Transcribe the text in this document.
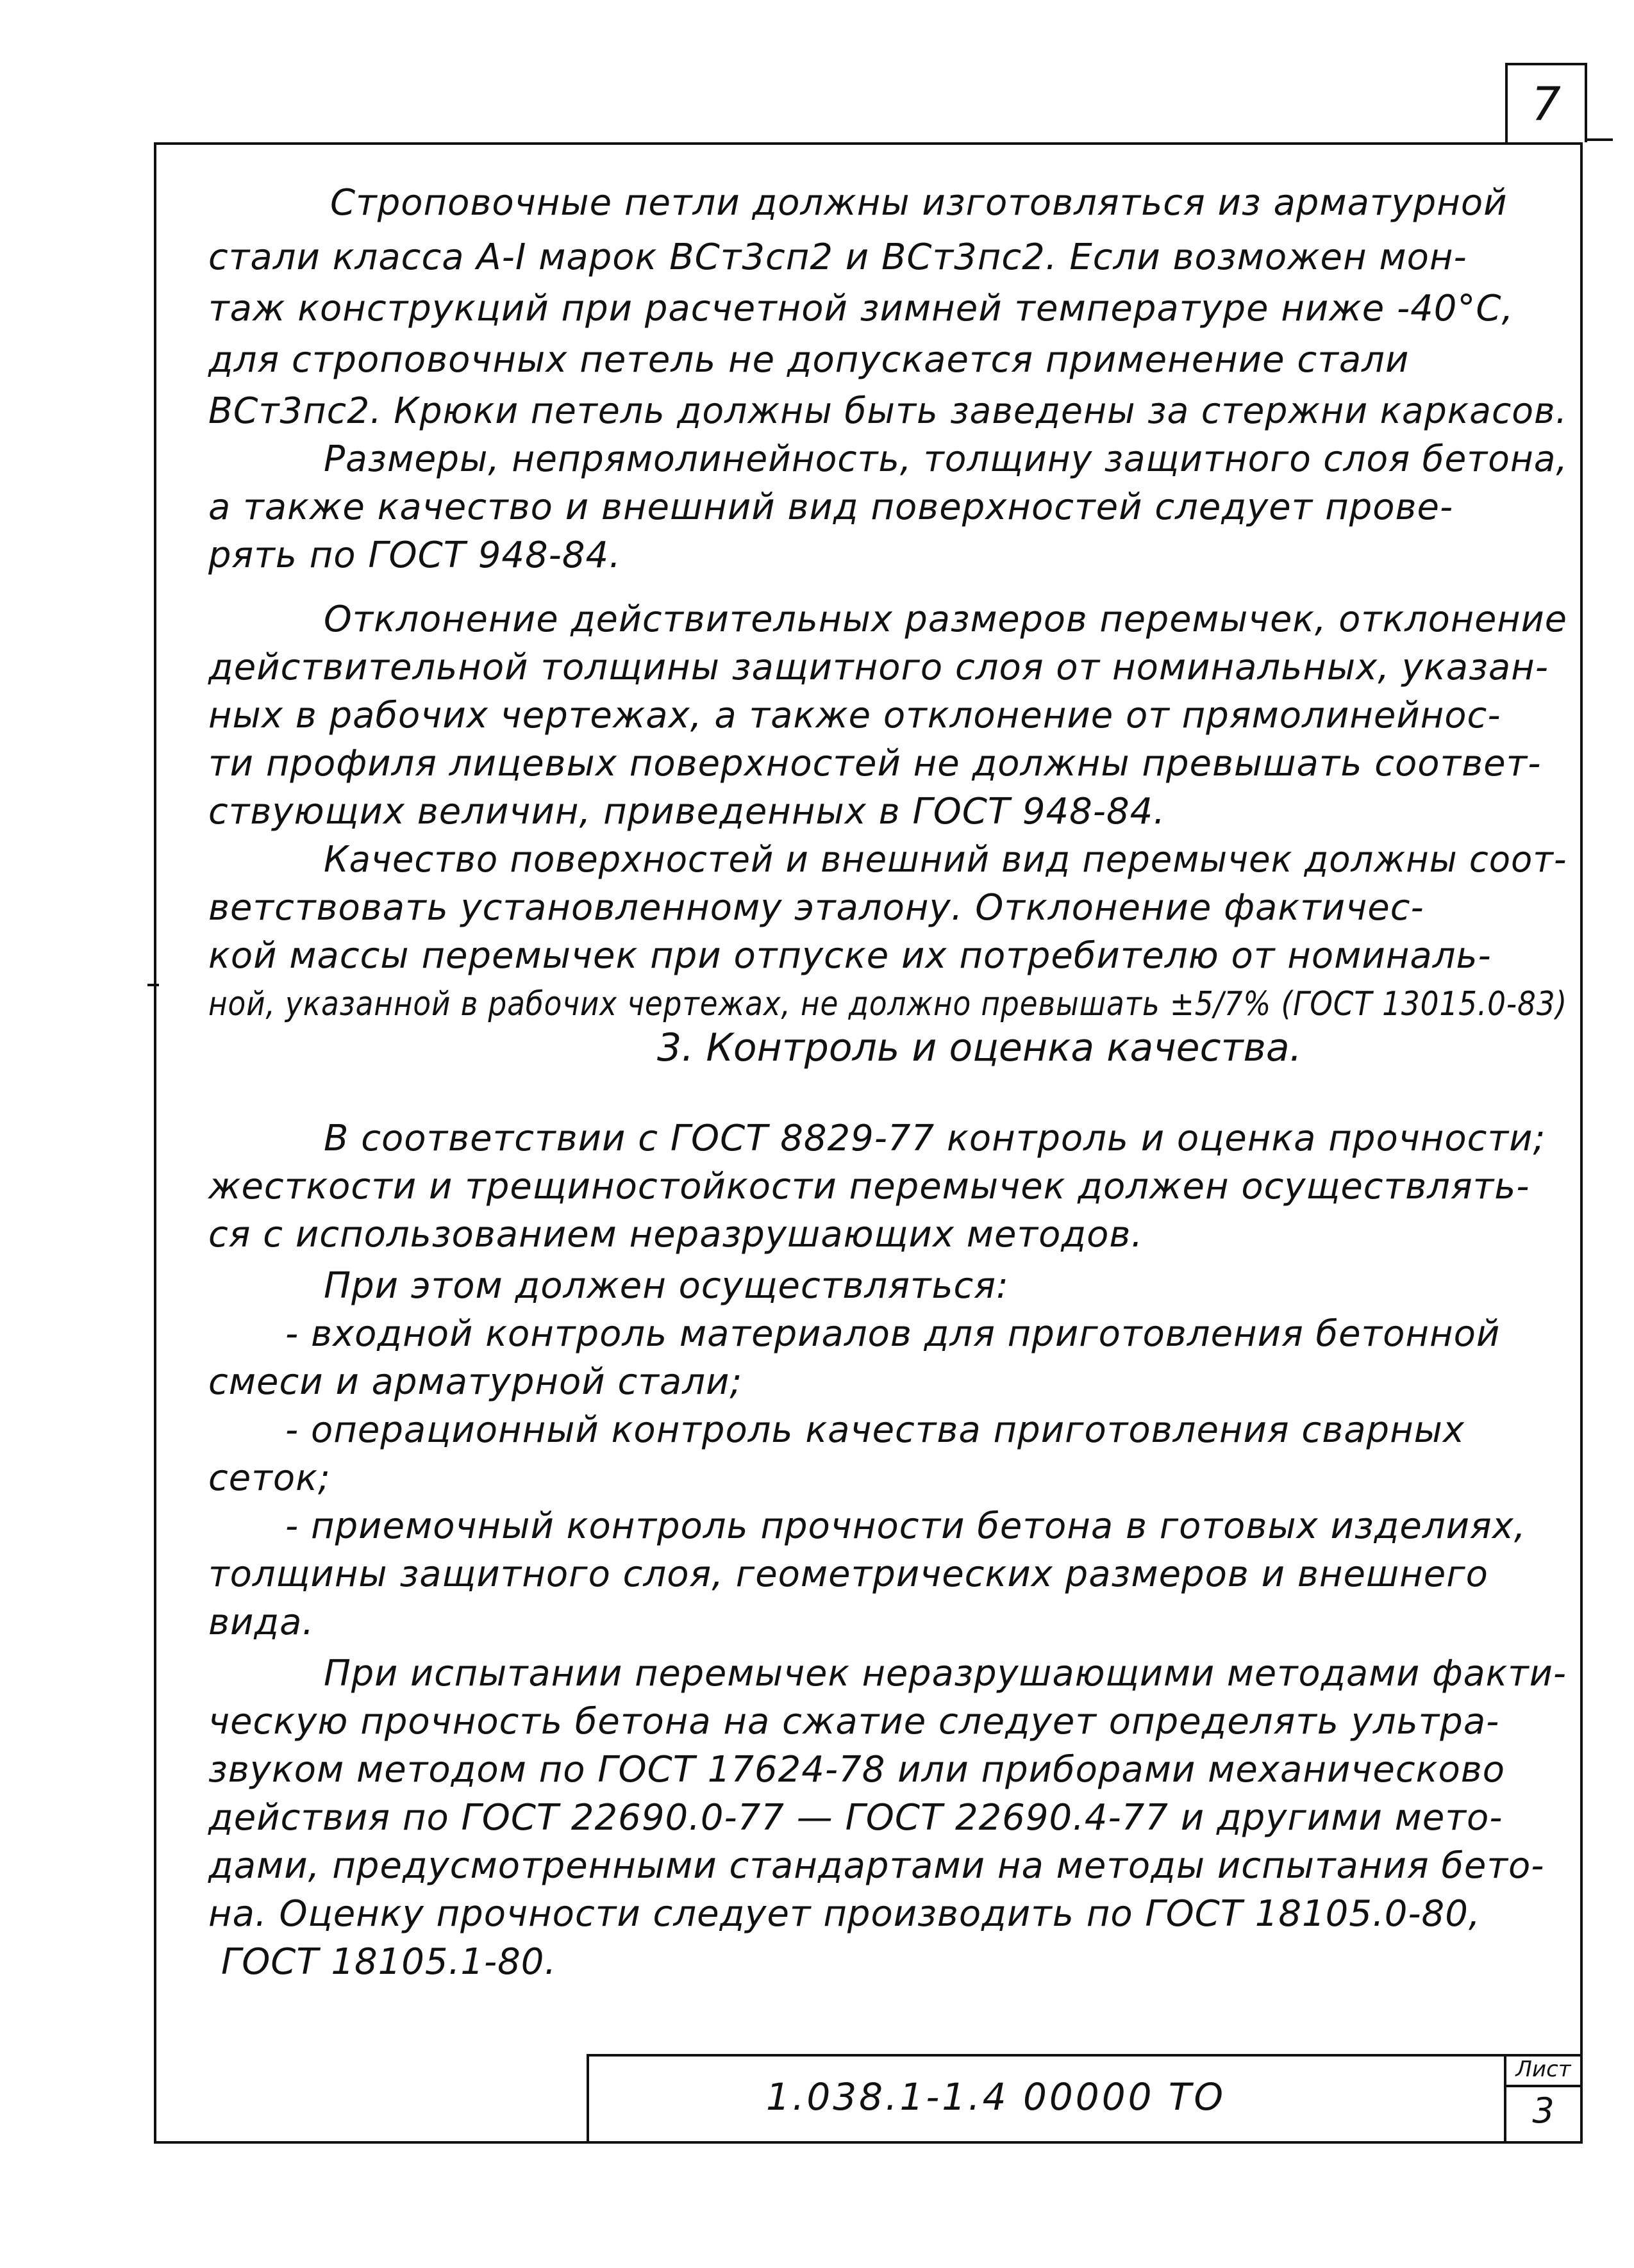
7
Строповочные петли должны изготовляться из арматурной
стали класса А-I марок ВСт3сп2 и ВСт3пс2. Если возможен мон-
таж конструкций при расчетной зимней температуре ниже -40°С,
для строповочных петель не допускается применение стали
ВСт3пс2. Крюки петель должны быть заведены за стержни каркасов.
Размеры, непрямолинейность, толщину защитного слоя бетона,
а также качество и внешний вид поверхностей следует прове-
рять по ГОСТ 948-84.
Отклонение действительных размеров перемычек, отклонение
действительной толщины защитного слоя от номинальных, указан-
ных в рабочих чертежах, а также отклонение от прямолинейнос-
ти профиля лицевых поверхностей не должны превышать соответ-
ствующих величин, приведенных в ГОСТ 948-84.
Качество поверхностей и внешний вид перемычек должны соот-
ветствовать установленному эталону. Отклонение фактичес-
кой массы перемычек при отпуске их потребителю от номиналь-
ной, указанной в рабочих чертежах, не должно превышать ±5/7% (ГОСТ 13015.0-83)
3. Контроль и оценка качества.
В соответствии с ГОСТ 8829-77 контроль и оценка прочности;
жесткости и трещиностойкости перемычек должен осуществлять-
ся с использованием неразрушающих методов.
При этом должен осуществляться:
- входной контроль материалов для приготовления бетонной
смеси и арматурной стали;
- операционный контроль качества приготовления сварных
сеток;
- приемочный контроль прочности бетона в готовых изделиях,
толщины защитного слоя, геометрических размеров и внешнего
вида.
При испытании перемычек неразрушающими методами факти-
ческую прочность бетона на сжатие следует определять ультра-
звуком методом по ГОСТ 17624-78 или приборами механическово
действия по ГОСТ 22690.0-77 — ГОСТ 22690.4-77 и другими мето-
дами, предусмотренными стандартами на методы испытания бето-
на. Оценку прочности следует производить по ГОСТ 18105.0-80,
ГОСТ 18105.1-80.
1.038.1-1.4 00000 ТО
Лист
3
